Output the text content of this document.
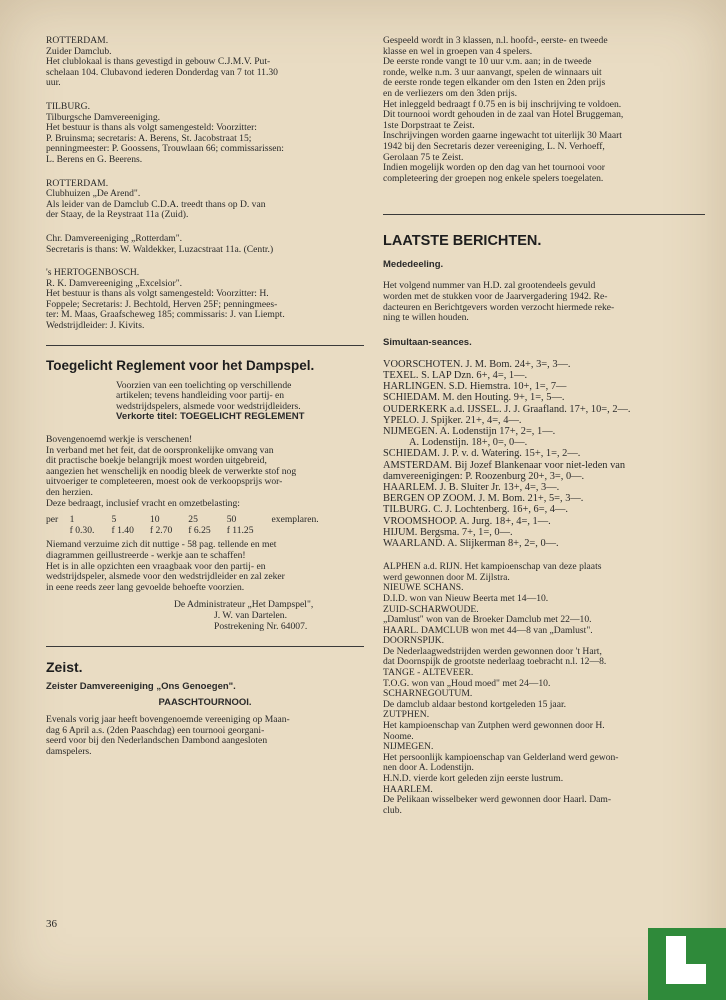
ROTTERDAM.

Zuider Damclub.

Het clublokaal is thans gevestigd in gebouw C.J.M.V. Put-

schelaan 104. Clubavond iederen Donderdag van 7 tot 11.30

uur.

TILBURG.

Tilburgsche Damvereeniging.

Het bestuur is thans als volgt samengesteld: Voorzitter:

P. Bruinsma; secretaris: A. Berens, St. Jacobstraat 15;

penningmeester: P. Goossens, Trouwlaan 66; commissarissen:

L. Berens en G. Beerens.

ROTTERDAM.

Clubhuizen „De Arend".

Als leider van de Damclub C.D.A. treedt thans op D. van

der Staay, de la Reystraat 11a (Zuid).

Chr. Damvereeniging „Rotterdam".

Secretaris is thans: W. Waldekker, Luzacstraat 11a. (Centr.)

's HERTOGENBOSCH.

R. K. Damvereeniging „Excelsior".

Het bestuur is thans als volgt samengesteld: Voorzitter: H.

Foppele; Secretaris: J. Bechtold, Herven 25F; penningmees-

ter: M. Maas, Graafscheweg 185; commissaris: J. van Liempt.

Wedstrijdleider: J. Kivits.

Toegelicht Reglement voor het Dampspel.

Voorzien van een toelichting op verschillende

artikelen; tevens handleiding voor partij- en

wedstrijdspelers, alsmede voor wedstrijdleiders.

Verkorte titel: TOEGELICHT REGLEMENT

Bovengenoemd werkje is verschenen!

In verband met het feit, dat de oorspronkelijke omvang van

dit practische boekje belangrijk moest worden uitgebreid,

aangezien het wenschelijk en noodig bleek de verwerkte stof nog

uitvoeriger te completeeren, moest ook de verkoopsprijs wor-

den herzien.

Deze bedraagt, inclusief vracht en omzetbelasting:

per	1	5	10	25	50	exemplaren.
	f 0.30.	f 1.40	f 2.70	f 6.25	f 11.25	

Niemand verzuime zich dit nuttige - 58 pag. tellende en met

diagrammen geillustreerde - werkje aan te schaffen!

Het is in alle opzichten een vraagbaak voor den partij- en

wedstrijdspeler, alsmede voor den wedstrijdleider en zal zeker

in eene reeds zeer lang gevoelde behoefte voorzien.

De Administrateur „Het Dampspel",

J. W. van Dartelen.

Postrekening Nr. 64007.

Zeist.

Zeister Damvereeniging „Ons Genoegen".

PAASCHTOURNOOI.

Evenals vorig jaar heeft bovengenoemde vereeniging op Maan-

dag 6 April a.s. (2den Paaschdag) een tournooi georgani-

seerd voor bij den Nederlandschen Dambond aangesloten

damspelers.

36

Gespeeld wordt in 3 klassen, n.l. hoofd-, eerste- en tweede

klasse en wel in groepen van 4 spelers.

De eerste ronde vangt te 10 uur v.m. aan; in de tweede

ronde, welke n.m. 3 uur aanvangt, spelen de winnaars uit

de eerste ronde tegen elkander om den 1sten en 2den prijs

en de verliezers om den 3den prijs.

Het inleggeld bedraagt f 0.75 en is bij inschrijving te voldoen.

Dit tournooi wordt gehouden in de zaal van Hotel Bruggeman,

1ste Dorpstraat te Zeist.

Inschrijvingen worden gaarne ingewacht tot uiterlijk 30 Maart

1942 bij den Secretaris dezer vereeniging, L. N. Verhoeff,

Gerolaan 75 te Zeist.

Indien mogelijk worden op den dag van het tournooi voor

completeering der groepen nog enkele spelers toegelaten.

LAATSTE BERICHTEN.

Mededeeling.

Het volgend nummer van H.D. zal grootendeels gevuld

worden met de stukken voor de Jaarvergadering 1942. Re-

dacteuren en Berichtgevers worden verzocht hiermede reke-

ning te willen houden.

Simultaan-seances.

VOORSCHOTEN. J. M. Bom. 24+, 3=, 3—.

TEXEL. S. LAP Dzn. 6+, 4=, 1—.

HARLINGEN. S.D. Hiemstra. 10+, 1=, 7—

SCHIEDAM. M. den Houting. 9+, 1=, 5—.

OUDERKERK a.d. IJSSEL. J. J. Graafland. 17+, 10=, 2—.

YPELO. J. Spijker. 21+, 4=, 4—.

NIJMEGEN. A. Lodenstijn 17+, 2=, 1—.

A. Lodenstijn. 18+, 0=, 0—.

SCHIEDAM. J. P. v. d. Watering. 15+, 1=, 2—.

AMSTERDAM. Bij Jozef Blankenaar voor niet-leden van

damvereenigingen: P. Roozenburg 20+, 3=, 0—.

HAARLEM. J. B. Sluiter Jr. 13+, 4=, 3—.

BERGEN OP ZOOM. J. M. Bom. 21+, 5=, 3—.

TILBURG. C. J. Lochtenberg. 16+, 6=, 4—.

VROOMSHOOP. A. Jurg. 18+, 4=, 1—.

HIJUM. Bergsma. 7+, 1=, 0—.

WAARLAND. A. Slijkerman 8+, 2=, 0—.

ALPHEN a.d. RIJN. Het kampioenschap van deze plaats

werd gewonnen door M. Zijlstra.

NIEUWE SCHANS.

D.I.D. won van Nieuw Beerta met 14—10.

ZUID-SCHARWOUDE.

„Damlust" won van de Broeker Damclub met 22—10.

HAARL. DAMCLUB won met 44—8 van „Damlust".

DOORNSPIJK.

De Nederlaagwedstrijden werden gewonnen door 't Hart,

dat Doornspijk de grootste nederlaag toebracht n.l. 12—8.

TANGE - ALTEVEER.

T.O.G. won van „Houd moed" met 24—10.

SCHARNEGOUTUM.

De damclub aldaar bestond kortgeleden 15 jaar.

ZUTPHEN.

Het kampioenschap van Zutphen werd gewonnen door H.

Noome.

NIJMEGEN.

Het persoonlijk kampioenschap van Gelderland werd gewon-

nen door A. Lodenstijn.

H.N.D. vierde kort geleden zijn eerste lustrum.

HAARLEM.

De Pelikaan wisselbeker werd gewonnen door Haarl. Dam-

club.
